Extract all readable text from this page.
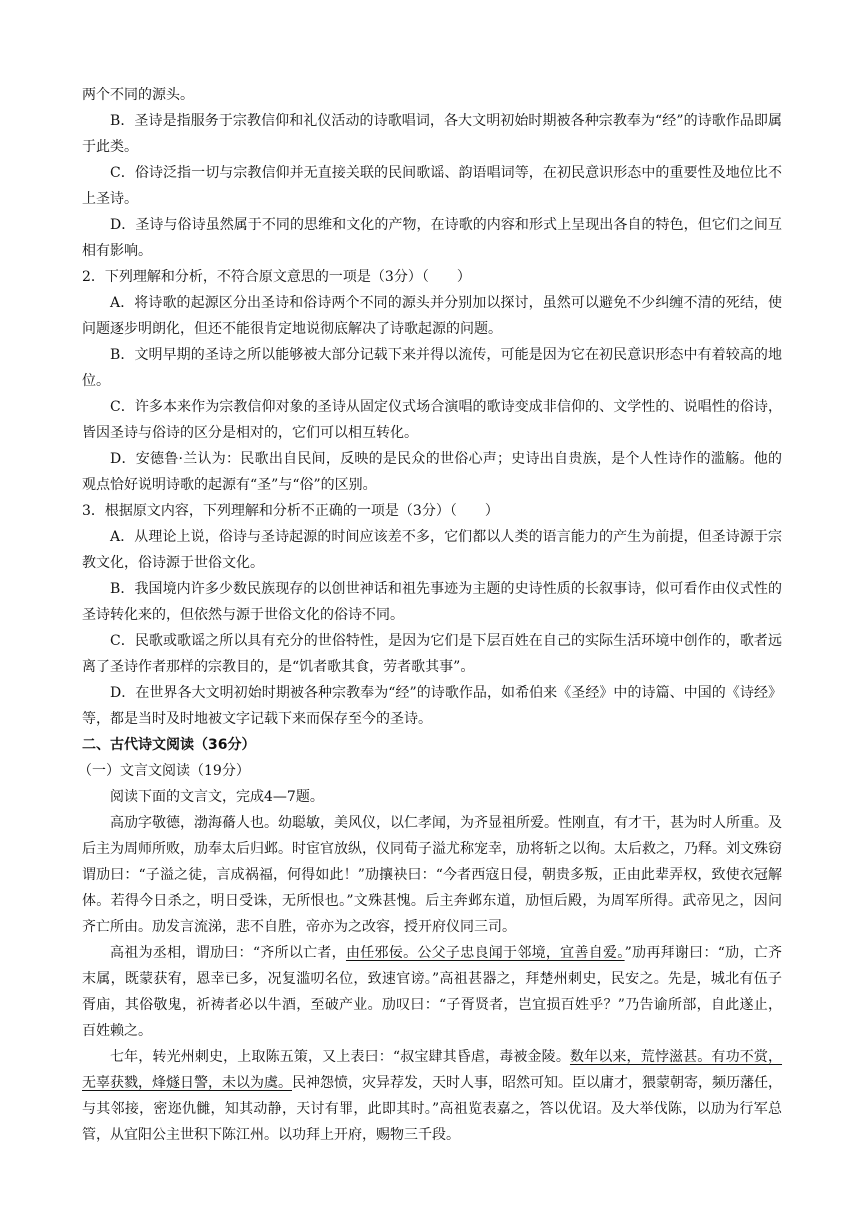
两个不同的源头。

B．圣诗是指服务于宗教信仰和礼仪活动的诗歌唱词，各大文明初始时期被各种宗教奉为“经”的诗歌作品即属于此类。

C．俗诗泛指一切与宗教信仰并无直接关联的民间歌谣、韵语唱词等，在初民意识形态中的重要性及地位比不上圣诗。

D．圣诗与俗诗虽然属于不同的思维和文化的产物，在诗歌的内容和形式上呈现出各自的特色，但它们之间互相有影响。

2．下列理解和分析，不符合原文意思的一项是（3分）（　　）

A．将诗歌的起源区分出圣诗和俗诗两个不同的源头并分别加以探讨，虽然可以避免不少纠缠不清的死结，使问题逐步明朗化，但还不能很肯定地说彻底解决了诗歌起源的问题。

B．文明早期的圣诗之所以能够被大部分记载下来并得以流传，可能是因为它在初民意识形态中有着较高的地位。

C．许多本来作为宗教信仰对象的圣诗从固定仪式场合演唱的歌诗变成非信仰的、文学性的、说唱性的俗诗，皆因圣诗与俗诗的区分是相对的，它们可以相互转化。

D．安德鲁·兰认为：民歌出自民间，反映的是民众的世俗心声；史诗出自贵族，是个人性诗作的滥觞。他的观点恰好说明诗歌的起源有“圣”与“俗”的区别。

3．根据原文内容，下列理解和分析不正确的一项是（3分）（　　）

A．从理论上说，俗诗与圣诗起源的时间应该差不多，它们都以人类的语言能力的产生为前提，但圣诗源于宗教文化，俗诗源于世俗文化。

B．我国境内许多少数民族现存的以创世神话和祖先事迹为主题的史诗性质的长叙事诗，似可看作由仪式性的圣诗转化来的，但依然与源于世俗文化的俗诗不同。

C．民歌或歌谣之所以具有充分的世俗特性，是因为它们是下层百姓在自己的实际生活环境中创作的，歌者远离了圣诗作者那样的宗教目的，是“饥者歌其食，劳者歌其事”。

D．在世界各大文明初始时期被各种宗教奉为“经”的诗歌作品，如希伯来《圣经》中的诗篇、中国的《诗经》等，都是当时及时地被文字记载下来而保存至今的圣诗。

二、古代诗文阅读（36分）

（一）文言文阅读（19分）

阅读下面的文言文，完成4—7题。

高劢字敬德，渤海蓨人也。幼聪敏，美风仪，以仁孝闻，为齐显祖所爱。性刚直，有才干，甚为时人所重。及后主为周师所败，劢奉太后归邺。时宦官放纵，仪同荀子溢尤称宠幸，劢将斩之以徇。太后救之，乃释。刘文殊窃谓劢曰：“子溢之徒，言成祸福，何得如此！”劢攘袂曰：“今者西寇日侵，朝贵多叛，正由此辈弄权，致使衣冠解体。若得今日杀之，明日受诛，无所恨也。”文殊甚愧。后主奔邺东道，劢恒后殿，为周军所得。武帝见之，因问齐亡所由。劢发言流涕，悲不自胜，帝亦为之改容，授开府仪同三司。

高祖为丞相，谓劢曰：“齐所以亡者，由任邪佞。公父子忠良闻于邻境，宜善自爱。”劢再拜谢曰：“劢，亡齐末属，既蒙获宥，恩幸已多，况复滥叨名位，致速官谤。”高祖甚器之，拜楚州刺史，民安之。先是，城北有伍子胥庙，其俗敬鬼，祈祷者必以牛酒，至破产业。劢叹曰：“子胥贤者，岂宜损百姓乎？”乃告谕所部，自此遂止，百姓赖之。

七年，转光州刺史，上取陈五策，又上表曰：“叔宝肆其昏虐，毒被金陵。数年以来，荒悖滋甚。有功不赏，无辜获戮，烽燧日警，未以为虞。民神怨愤，灾异荐发，天时人事，昭然可知。臣以庸才，猥蒙朝寄，频历藩任，与其邻接，密迩仇雠，知其动静，天讨有罪，此即其时。”高祖览表嘉之，答以优诏。及大举伐陈，以劢为行军总管，从宜阳公主世积下陈江州。以功拜上开府，赐物三千段。
